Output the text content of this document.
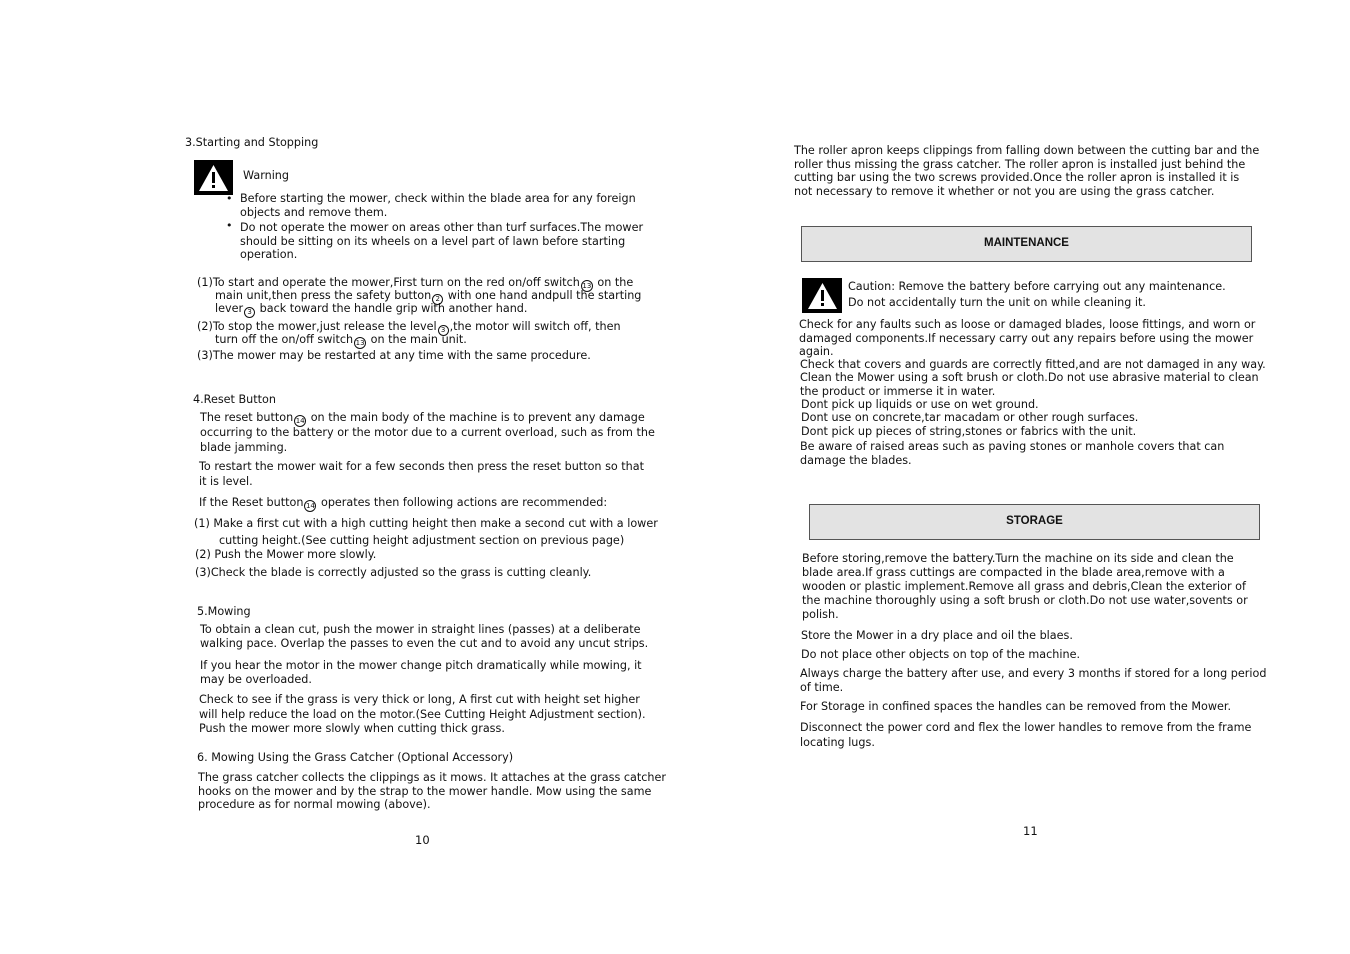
3.Starting and Stopping
Warning
• Before starting the mower, check within the blade area for any foreign
objects and remove them.
• Do not operate the mower on areas other than turf surfaces.The mower
should be sitting on its wheels on a level part of lawn before starting
operation.
(1)To start and operate the mower,First turn on the red on/off switch 13 on the
main unit,then press the safety button 2 with one hand andpull the starting
lever 3 back toward the handle grip with another hand.
(2)To stop the mower,just release the level 3 ,the motor will switch off, then
turn off the on/off switch 13 on the main unit.
(3)The mower may be restarted at any time with the same procedure.
4.Reset Button
The reset button 14 on the main body of the machine is to prevent any damage
occurring to the battery or the motor due to a current overload, such as from the
blade jamming.
To restart the mower wait for a few seconds then press the reset button so that
it is level.
If the Reset button 14 operates then following actions are recommended:
(1) Make a first cut with a high cutting height then make a second cut with a lower
cutting height.(See cutting height adjustment section on previous page)
(2) Push the Mower more slowly.
(3)Check the blade is correctly adjusted so the grass is cutting cleanly.
5.Mowing
To obtain a clean cut, push the mower in straight lines (passes) at a deliberate
walking pace. Overlap the passes to even the cut and to avoid any uncut strips.
If you hear the motor in the mower change pitch dramatically while mowing, it
may be overloaded.
Check to see if the grass is very thick or long, A first cut with height set higher
will help reduce the load on the motor.(See Cutting Height Adjustment section).
Push the mower more slowly when cutting thick grass.
6. Mowing Using the Grass Catcher (Optional Accessory)
The grass catcher collects the clippings as it mows. It attaches at the grass catcher
hooks on the mower and by the strap to the mower handle. Mow using the same
procedure as for normal mowing (above).
10
The roller apron keeps clippings from falling down between the cutting bar and the
roller thus missing the grass catcher. The roller apron is installed just behind the
cutting bar using the two screws provided.Once the roller apron is installed it is
not necessary to remove it whether or not you are using the grass catcher.
MAINTENANCE
Caution: Remove the battery before carrying out any maintenance.
Do not accidentally turn the unit on while cleaning it.
Check for any faults such as loose or damaged blades, loose fittings, and worn or
damaged components.If necessary carry out any repairs before using the mower
again.
Check that covers and guards are correctly fitted,and are not damaged in any way.
Clean the Mower using a soft brush or cloth.Do not use abrasive material to clean
the product or immerse it in water.
Dont pick up liquids or use on wet ground.
Dont use on concrete,tar macadam or other rough surfaces.
Dont pick up pieces of string,stones or fabrics with the unit.
Be aware of raised areas such as paving stones or manhole covers that can
damage the blades.
STORAGE
Before storing,remove the battery.Turn the machine on its side and clean the
blade area.If grass cuttings are compacted in the blade area,remove with a
wooden or plastic implement.Remove all grass and debris,Clean the exterior of
the machine thoroughly using a soft brush or cloth.Do not use water,sovents or
polish.
Store the Mower in a dry place and oil the blaes.
Do not place other objects on top of the machine.
Always charge the battery after use, and every 3 months if stored for a long period
of time.
For Storage in confined spaces the handles can be removed from the Mower.
Disconnect the power cord and flex the lower handles to remove from the frame
locating lugs.
11
